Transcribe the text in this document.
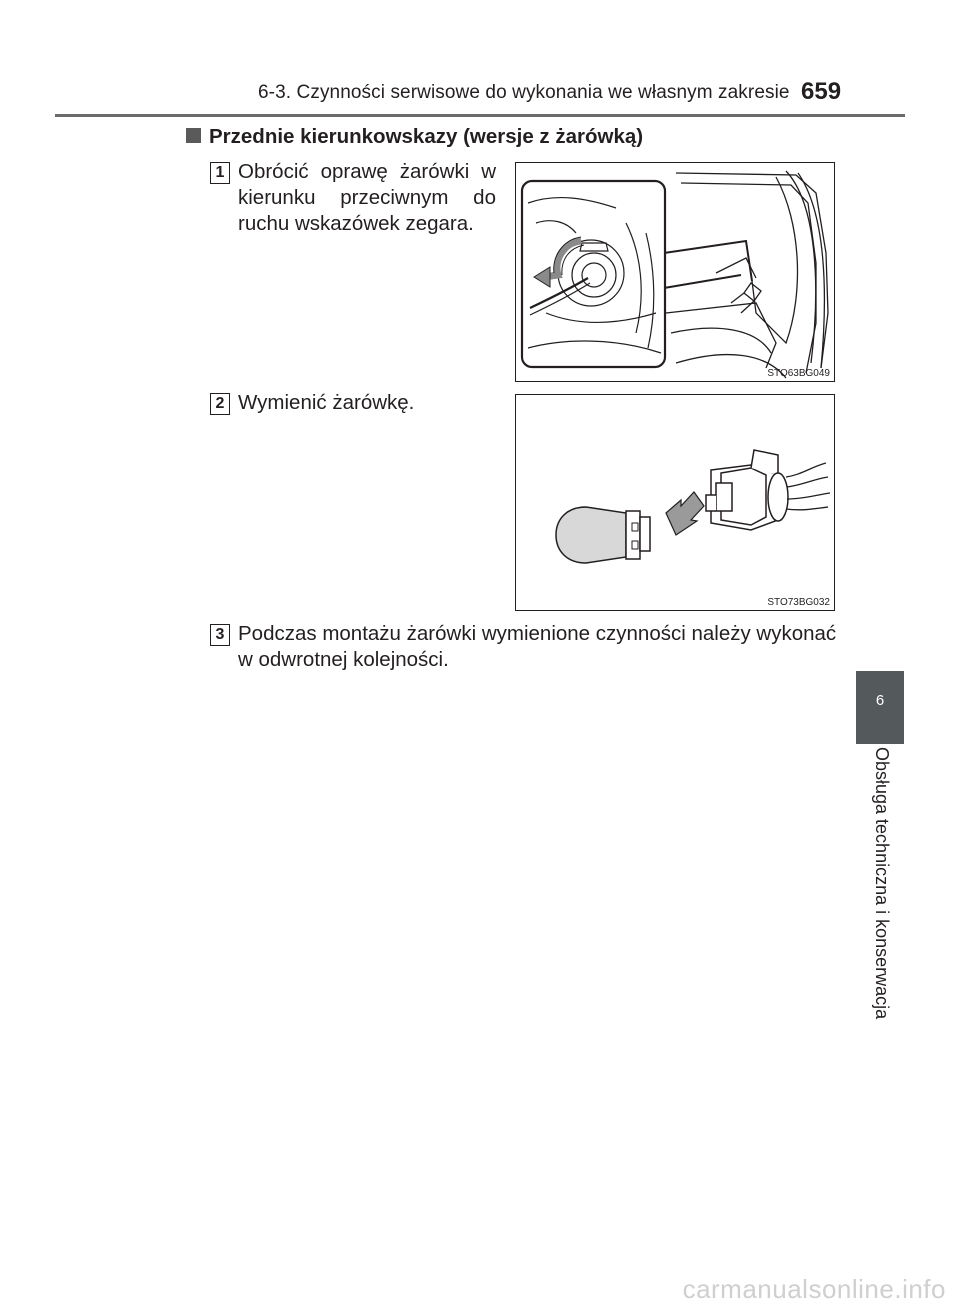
6-3. Czynności serwisowe do wykonania we własnym zakresie 659
Przednie kierunkowskazy (wersje z żarówką)
1 Obrócić oprawę żarówki w kierunku przeciwnym do ruchu wskazówek zegara.
STO63BG049
2 Wymienić żarówkę.
STO73BG032
3 Podczas montażu żarówki wymienione czynności należy wykonać w odwrotnej kolejności.
6
Obsługa techniczna i konserwacja
carmanualsonline.info
